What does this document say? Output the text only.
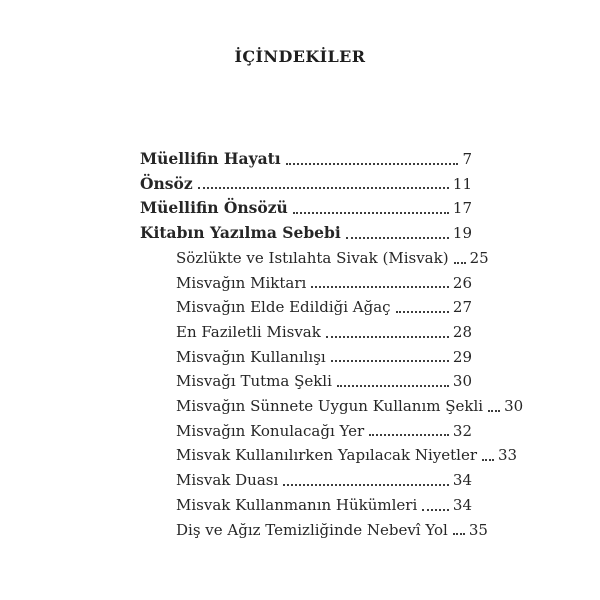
İÇİNDEKİLER
Müellifin Hayatı	7
Önsöz	11
Müellifin Önsözü	17
Kitabın Yazılma Sebebi	19
Sözlükte ve Istılahta Sivak (Misvak) 25
Misvağın Miktarı	26
Misvağın Elde Edildiği Ağaç	27
En Faziletli Misvak	28
Misvağın Kullanılışı	29
Misvağı Tutma Şekli	30
Misvağın Sünnete Uygun Kullanım Şekli 30
Misvağın Konulacağı Yer	32
Misvak Kullanılırken Yapılacak Niyetler 33
Misvak Duası	34
Misvak Kullanmanın Hükümleri 34
Diş ve Ağız Temizliğinde Nebevî Yol 35
